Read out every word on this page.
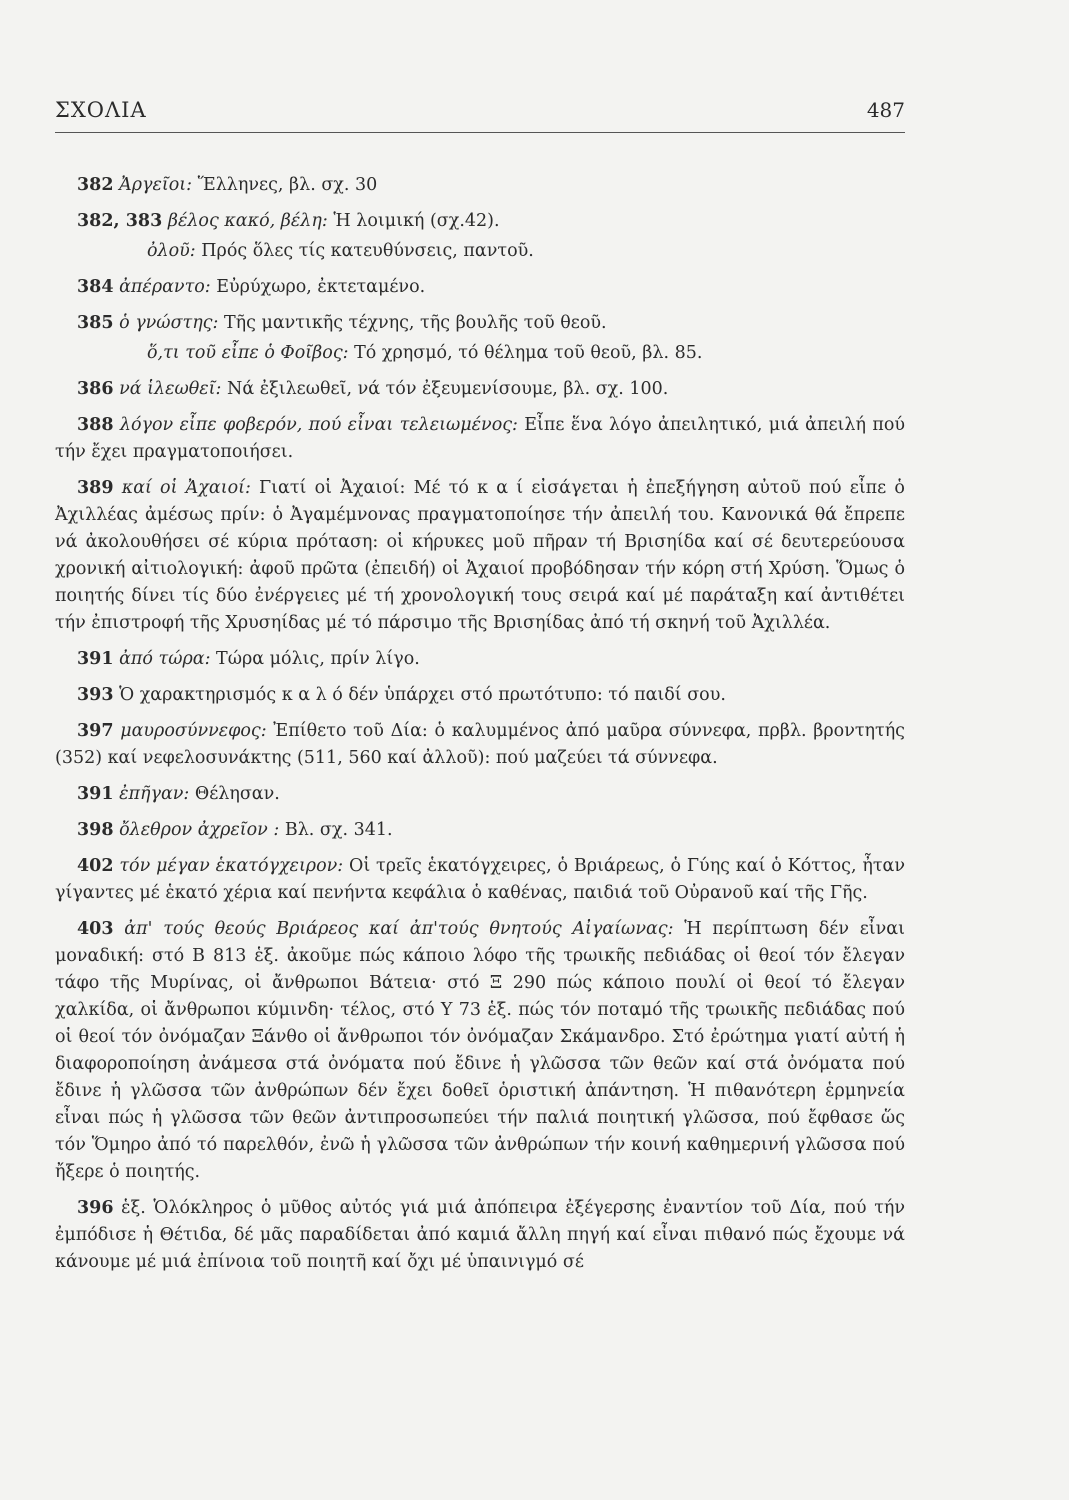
ΣΧΟΛΙΑ	487

382 Ἀργεῖοι: Ἕλληνες, βλ. σχ. 30

382, 383 βέλος κακό, βέλη: Ἡ λοιμική (σχ.42).

ὀλοῦ: Πρός ὅλες τίς κατευθύνσεις, παντοῦ.

384 ἀπέραντο: Εὐρύχωρο, ἐκτεταμένο.

385 ὁ γνώστης: Τῆς μαντικῆς τέχνης, τῆς βουλῆς τοῦ θεοῦ.

ὅ,τι τοῦ εἶπε ὁ Φοῖβος: Τό χρησμό, τό θέλημα τοῦ θεοῦ, βλ. 85.

386 νά ἱλεωθεῖ: Νά ἐξιλεωθεῖ, νά τόν ἐξευμενίσουμε, βλ. σχ. 100.

388 λόγον εἶπε φοβερόν, πού εἶναι τελειωμένος: Εἶπε ἕνα λόγο ἀπειλητικό, μιά ἀπειλή πού τήν ἔχει πραγματοποιήσει.

389 καί οἱ Ἀχαιοί: Γιατί οἱ Ἀχαιοί: Μέ τό κ α ί εἰσάγεται ἡ ἐπεξήγηση αὐτοῦ πού εἶπε ὁ Ἀχιλλέας ἀμέσως πρίν: ὁ Ἀγαμέμνονας πραγματοποίησε τήν ἀπειλή του. Κανονικά θά ἔπρεπε νά ἀκολουθήσει σέ κύρια πρόταση: οἱ κήρυκες μοῦ πῆραν τή Βρισηίδα καί σέ δευτερεύουσα χρονική αἰτιολογική: ἀφοῦ πρῶτα (ἐπειδή) οἱ Ἀχαιοί προβόδησαν τήν κόρη στή Χρύση. Ὅμως ὁ ποιητής δίνει τίς δύο ἐνέργειες μέ τή χρονολογική τους σειρά καί μέ παράταξη καί ἀντιθέτει τήν ἐπιστροφή τῆς Χρυσηίδας μέ τό πάρσιμο τῆς Βρισηίδας ἀπό τή σκηνή τοῦ Ἀχιλλέα.

391 ἀπό τώρα: Τώρα μόλις, πρίν λίγο.

393 Ὁ χαρακτηρισμός κ α λ ό δέν ὑπάρχει στό πρωτότυπο: τό παιδί σου.

397 μαυροσύννεφος: Ἐπίθετο τοῦ Δία: ὁ καλυμμένος ἀπό μαῦρα σύννεφα, πρβλ. βροντητής (352) καί νεφελοσυνάκτης (511, 560 καί ἀλλοῦ): πού μαζεύει τά σύννεφα.

391 ἐπῆγαν: Θέλησαν.

398 ὄλεθρον ἀχρεῖον : Βλ. σχ. 341.

402 τόν μέγαν ἑκατόγχειρον: Οἱ τρεῖς ἑκατόγχειρες, ὁ Βριάρεως, ὁ Γύης καί ὁ Κόττος, ἦταν γίγαντες μέ ἑκατό χέρια καί πενήντα κεφάλια ὁ καθένας, παιδιά τοῦ Οὐρανοῦ καί τῆς Γῆς.

403 ἀπ' τούς θεούς Βριάρεος καί ἀπ'τούς θνητούς Αἰγαίωνας: Ἡ περίπτωση δέν εἶναι μοναδική: στό Β 813 ἑξ. ἀκοῦμε πώς κάποιο λόφο τῆς τρωικῆς πεδιάδας οἱ θεοί τόν ἔλεγαν τάφο τῆς Μυρίνας, οἱ ἄνθρωποι Βάτεια· στό Ξ 290 πώς κάποιο πουλί οἱ θεοί τό ἔλεγαν χαλκίδα, οἱ ἄνθρωποι κύμινδη· τέλος, στό Υ 73 ἑξ. πώς τόν ποταμό τῆς τρωικῆς πεδιάδας πού οἱ θεοί τόν ὀνόμαζαν Ξάνθο οἱ ἄνθρωποι τόν ὀνόμαζαν Σκάμανδρο. Στό ἐρώτημα γιατί αὐτή ἡ διαφοροποίηση ἀνάμεσα στά ὀνόματα πού ἔδινε ἡ γλῶσσα τῶν θεῶν καί στά ὀνόματα πού ἔδινε ἡ γλῶσσα τῶν ἀνθρώπων δέν ἔχει δοθεῖ ὁριστική ἀπάντηση. Ἡ πιθανότερη ἑρμηνεία εἶναι πώς ἡ γλῶσσα τῶν θεῶν ἀντιπροσωπεύει τήν παλιά ποιητική γλῶσσα, πού ἔφθασε ὥς τόν Ὅμηρο ἀπό τό παρελθόν, ἐνῶ ἡ γλῶσσα τῶν ἀνθρώπων τήν κοινή καθημερινή γλῶσσα πού ἤξερε ὁ ποιητής.

396 ἑξ. Ὁλόκληρος ὁ μῦθος αὐτός γιά μιά ἀπόπειρα ἐξέγερσης ἐναντίον τοῦ Δία, πού τήν ἐμπόδισε ἡ Θέτιδα, δέ μᾶς παραδίδεται ἀπό καμιά ἄλλη πηγή καί εἶναι πιθανό πώς ἔχουμε νά κάνουμε μέ μιά ἐπίνοια τοῦ ποιητῆ καί ὄχι μέ ὑπαινιγμό σέ
